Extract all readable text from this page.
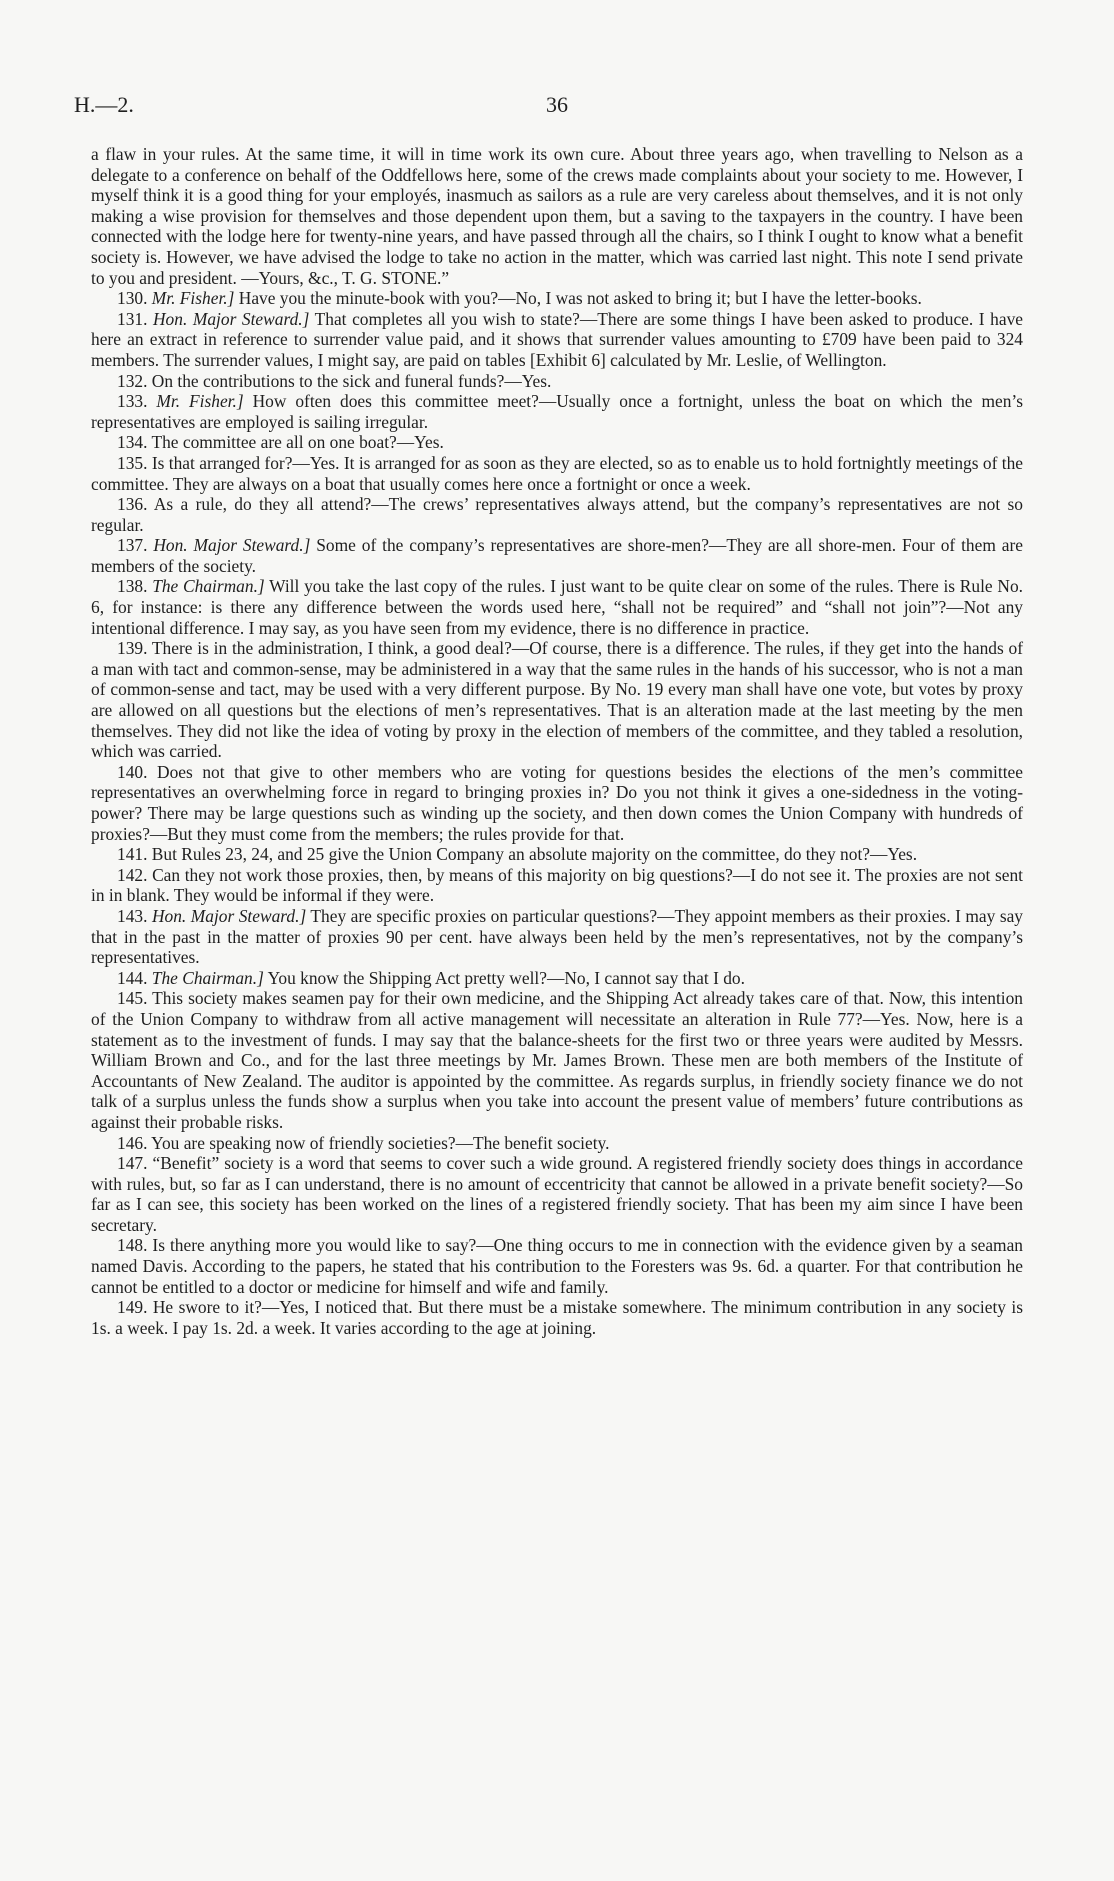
H.—2.	36

a flaw in your rules. At the same time, it will in time work its own cure. About three years ago, when travelling to Nelson as a delegate to a conference on behalf of the Oddfellows here, some of the crews made complaints about your society to me. However, I myself think it is a good thing for your employés, inasmuch as sailors as a rule are very careless about themselves, and it is not only making a wise provision for themselves and those dependent upon them, but a saving to the taxpayers in the country. I have been connected with the lodge here for twenty-nine years, and have passed through all the chairs, so I think I ought to know what a benefit society is. However, we have advised the lodge to take no action in the matter, which was carried last night. This note I send private to you and president. —Yours, &c., T. G. STONE.”

130. Mr. Fisher.] Have you the minute-book with you?—No, I was not asked to bring it; but I have the letter-books.

131. Hon. Major Steward.] That completes all you wish to state?—There are some things I have been asked to produce. I have here an extract in reference to surrender value paid, and it shows that surrender values amounting to £709 have been paid to 324 members. The surrender values, I might say, are paid on tables [Exhibit 6] calculated by Mr. Leslie, of Wellington.

132. On the contributions to the sick and funeral funds?—Yes.

133. Mr. Fisher.] How often does this committee meet?—Usually once a fortnight, unless the boat on which the men’s representatives are employed is sailing irregular.

134. The committee are all on one boat?—Yes.

135. Is that arranged for?—Yes. It is arranged for as soon as they are elected, so as to enable us to hold fortnightly meetings of the committee. They are always on a boat that usually comes here once a fortnight or once a week.

136. As a rule, do they all attend?—The crews’ representatives always attend, but the company’s representatives are not so regular.

137. Hon. Major Steward.] Some of the company’s representatives are shore-men?—They are all shore-men. Four of them are members of the society.

138. The Chairman.] Will you take the last copy of the rules. I just want to be quite clear on some of the rules. There is Rule No. 6, for instance: is there any difference between the words used here, “shall not be required” and “shall not join”?—Not any intentional difference. I may say, as you have seen from my evidence, there is no difference in practice.

139. There is in the administration, I think, a good deal?—Of course, there is a difference. The rules, if they get into the hands of a man with tact and common-sense, may be administered in a way that the same rules in the hands of his successor, who is not a man of common-sense and tact, may be used with a very different purpose. By No. 19 every man shall have one vote, but votes by proxy are allowed on all questions but the elections of men’s representatives. That is an alteration made at the last meeting by the men themselves. They did not like the idea of voting by proxy in the election of members of the committee, and they tabled a resolution, which was carried.

140. Does not that give to other members who are voting for questions besides the elections of the men’s committee representatives an overwhelming force in regard to bringing proxies in? Do you not think it gives a one-sidedness in the voting-power? There may be large questions such as winding up the society, and then down comes the Union Company with hundreds of proxies?—But they must come from the members; the rules provide for that.

141. But Rules 23, 24, and 25 give the Union Company an absolute majority on the committee, do they not?—Yes.

142. Can they not work those proxies, then, by means of this majority on big questions?—I do not see it. The proxies are not sent in in blank. They would be informal if they were.

143. Hon. Major Steward.] They are specific proxies on particular questions?—They appoint members as their proxies. I may say that in the past in the matter of proxies 90 per cent. have always been held by the men’s representatives, not by the company’s representatives.

144. The Chairman.] You know the Shipping Act pretty well?—No, I cannot say that I do.

145. This society makes seamen pay for their own medicine, and the Shipping Act already takes care of that. Now, this intention of the Union Company to withdraw from all active management will necessitate an alteration in Rule 77?—Yes. Now, here is a statement as to the investment of funds. I may say that the balance-sheets for the first two or three years were audited by Messrs. William Brown and Co., and for the last three meetings by Mr. James Brown. These men are both members of the Institute of Accountants of New Zealand. The auditor is appointed by the committee. As regards surplus, in friendly society finance we do not talk of a surplus unless the funds show a surplus when you take into account the present value of members’ future contributions as against their probable risks.

146. You are speaking now of friendly societies?—The benefit society.

147. “Benefit” society is a word that seems to cover such a wide ground. A registered friendly society does things in accordance with rules, but, so far as I can understand, there is no amount of eccentricity that cannot be allowed in a private benefit society?—So far as I can see, this society has been worked on the lines of a registered friendly society. That has been my aim since I have been secretary.

148. Is there anything more you would like to say?—One thing occurs to me in connection with the evidence given by a seaman named Davis. According to the papers, he stated that his contribution to the Foresters was 9s. 6d. a quarter. For that contribution he cannot be entitled to a doctor or medicine for himself and wife and family.

149. He swore to it?—Yes, I noticed that. But there must be a mistake somewhere. The minimum contribution in any society is 1s. a week. I pay 1s. 2d. a week. It varies according to the age at joining.
